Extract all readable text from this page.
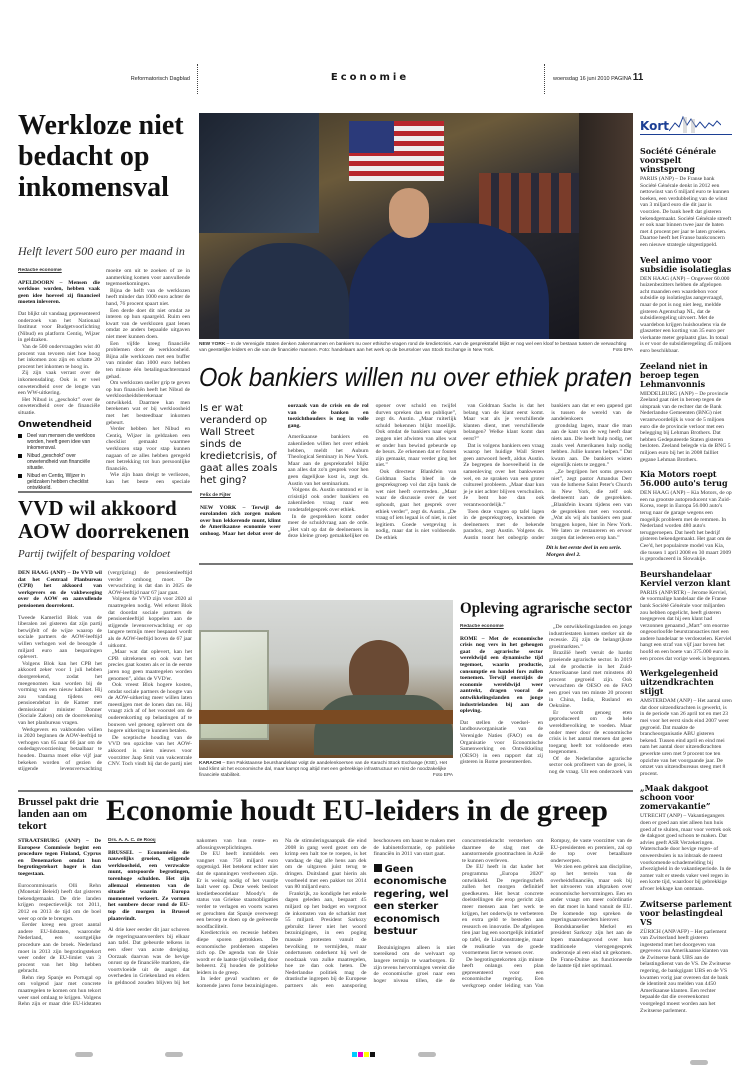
Reformatorisch Dagblad	Economie	woensdag 16 juni 2010 PAGINA 11
Werkloze niet bedacht op inkomensval
Helft levert 500 euro per maand in
Redactie economie
APELDOORN – Mensen die werkloos worden, hebben vaak geen idee hoeveel zij financieel moeten inleveren.

Dat blijkt uit vandaag gepresenteerd onderzoek van het Nationaal Instituut voor Budgetvoorlichting (Nibud) en platform Centiq, Wijzer in geldzaken.

Van de 500 ondervraagden wist 40 procent van tevoren niet hoe hoog het inkomen zou zijn en schatte 20 procent het inkomen te hoog in.

Zij zijn vaak verrast over de inkomensdaling. Ook is er veel onwetendheid over de lengte van een WW-uitkering.

Het Nibud is „geschokt” over de onwetendheid over de financiële situatie.

Onwetendheid
Deel van mensen die werkloos worden, heeft geen idee van inkomensval.
Nibud „geschokt” over onwetendheid van financiële situatie.
Nibud en Centiq, Wijzer in geldzaken hebben checklist ontwikkeld.

moeite om uit te zoeken of ze in aanmerking komen voor aanvullende tegemoetkomingen.

Bijna de helft van de werklozen heeft minder dan 1000 euro achter de hand, 76 procent spaart niet.

Een derde doet dit niet omdat ze interen op hun spaargeld. Ruim een kwart van de werklozen gaat lenen omdat ze anders bepaalde uitgaven niet meer kunnen doen.

Een vijfde kreeg financiële problemen door de werkloosheid. Bijna alle werklozen met een buffer van minder dan 1000 euro hebben ten minste één betalingsachterstand gehad.

Om werklozen sneller grip te geven op hun financiën heeft het Nibud de werkloosheidsberekenaar ontwikkeld. Daarmee kan men berekenen wat er bij werkloosheid met het besteedbaar inkomen gebeurt.

Verder hebben het Nibud en Centiq, Wijzer in geldzaken een checklist gemaakt waarmee werklozen stap voor stap kunnen nagaan of ze alles hebben geregeld met betrekking tot hun persoonlijke financiën.

Wie zijn baan dreigt te verliezen, kan het beste een speciale

NEW YORK – In de Verenigde Staten denken zakenmannen en bankiers nu over ethische vragen rond de kredietcrisis. Aan de gesprekstafel blijkt er nog wel een kloof te bestaan tussen de verwachting van geestelijke leiders en die van de financiële mannen. Foto: handelaars aan het werk op de beursvloer van Stock Exchange in New York.	Foto EPA
Ook bankiers willen nu over ethiek praten
Is er wat veranderd op Wall Street sinds de kredietcrisis, of gaat alles zoals het ging?
Felix de Fijter
NEW YORK – Terwijl de eurolanden zich zorgen maken over hun lekkerende munt, klimt de Amerikaanse economie weer omhoog. Maar het debat over de oorzaak van de crisis en de rol van de banken en toezichthouders is nog in volle gang.

Amerikaanse bankiers en zakenlieden willen het over ethiek hebben, meldt het Auburn Theological Seminary in New York. Maar aan de gesprekstafel blijkt aan alles dat zo'n gesprek voor hen geen dagelijkse kost is, zegt ds. Austin van het seminarium.

Volgens ds. Austin ontstond er in crisistijd ook onder bankiers en zakenlieden vraag naar een rondetafelgesprek over ethiek.

In de gesprekken komt onder meer de schuldvraag aan de orde. „Het valt op dat de deelnemers in deze kleine groep gemakkelijker en opener over schuld en twijfel durven spreken dan en publique”, zegt ds. Austin. „Maar ruiterlijk schuld bekennen blijkt moeilijk. Ook omdat de bankiers naar eigen zeggen niet afwisten van alles wat er onder hun bewind gebeurde op de beurs. Ze erkennen dat er fouten zijn gemaakt, maar verder ging het niet.”

Ook directeur Blankfein van Goldman Sachs bleef in de gespreksgroep vol dat zijn bank de wet niet heeft overtreden. „Maar waar de discussie over de wet ophoudt, gaat het gesprek over ethiek verder”, zegt ds. Austin. „De vraag of iets legaal is of niet, is niet legitiem. Goede wetgeving is nodig, maar dat is niet voldoende. De ethiek

van Goldman Sachs is dat het belang van de klant eerst komt. Maar wat als je verschillende klanten dient, met verschillende belangen? Welke klant komt dan eerst?”

Dat is volgens bankiers een vraag waarop het huidige Wall Street geen antwoord heeft, aldus Austin. Ze begrepen de hoeveelheid in de samenleving over het bankwezen wel, en ze spraken van een groter cultureel probleem. „Maar daar kun je je niet achter blijven verschuilen. Je bent hoe dan ook verantwoordelijk.”

Toen deze vragen op tafel lagen in de gespreksgroep, kwamen de deelnemers met de bekende paradox, zegt Austin. Volgens ds. Austin toont het onbegrip onder bankiers aan dat er een gapend gat is tussen de wereld van de aandelenkoers

grondslag lagen, maar die man aan de kant van de weg heeft daar niets aan. Die heeft hulp nodig, net zoals veel Amerikanen hulp nodig hebben. Jullie kunnen helpen.” Dat kwam aan. De bankiers wisten eigenlijk niets te zeggen.”

„Ze begrijpen het soms gewoon niet”, zegt pastor Amandus Derr van de lutherse Saint Peter's Church in New York, die zelf ook deelneemt aan de gesprekken. „Blankfein kwam tijdens een van de gesprekken met een voorstel. „Wat als wij als bankiers een paar bruggen kopen, hier in New York. We laten ze restaureren en ervoor zorgen dat iedereen erop kan.”

Dit is het eerste deel in een serie. Morgen deel 2.

VVD wil akkoord AOW doorrekenen
Partij twijfelt of besparing voldoet
DEN HAAG (ANP) – De VVD wil dat het Centraal Planbureau (CPB) het akkoord van werkgevers en de vakbeweging over de AOW en aanvullende pensioenen doorrekent.

Tweede Kamerlid Blok van de liberalen zei gisteren dat zijn partij betwijfelt of de wijze waarop de sociale partners de AOW-leeftijd willen verhogen wel de beoogde 4 miljard euro aan besparingen oplevert.

Volgens Blok kan het CPB het akkoord zeker voor 1 juli hebben doorgerekend, zodat het meegenomen kan worden bij de vorming van een nieuw kabinet. Hij zou vandaag tijdens een pensioendebat in de Kamer met demissionair minister Donner (Sociale Zaken) om de doorrekening van het planbureau vragen.

Werkgevers en vakbonden willen in 2020 beginnen de AOW-leeftijd te verhogen van 65 naar 66 jaar om de oudedagsvoorziening betaalbaar te houden. Daarna moet elke vijf jaar bekeken worden of gezien de stijgende levensverwachting (vergrijzing) de pensioenleeftijd verder omhoog moet. De verwachting is dat dan in 2025 de AOW-leeftijd naar 67 jaar gaat.

Volgens de VVD zijn voor 2020 al maatregelen nodig. Wel erkent Blok dat doordat sociale partners de pensioenleeftijd koppelen aan de stijgende levensverwachting er op langere termijn meer bespaard wordt als de AOW-leeftijd boven de 67 jaar uitkomt.

„Maar wat dat oplevert, kan het CPB uitrekenen en ook wat het precies gaat kosten als er in de eerste jaren nog geen maatregelen worden genomen”, aldus de VVD'er.

Ook vreest Blok hogere kosten, omdat sociale partners de hoogte van de AOW-uitkering meer willen laten meestijgen met de lonen dan nu. Hij vraagt zich af of het voorstel om de ouderenkorting op belastingen af te bouwen wel genoeg oplevert om de hogere uitkering te kunnen betalen.

De sceptische houding van de VVD ten opzichte van het AOW-akkoord is niets nieuws voor voorzitter Jaap Smit van vakcentrale CNV. Toch vindt hij dat de partij niet	KARACHI – Een Pakistaanse beurshandelaar volgt de aandelenkoersen van de Karachi Stock Exchange (KSE). Het land klimt uit het economische dal, maar kampt nog altijd met een gebrekkige infrastructuur en mist de noodzakelijke financiële stabiliteit.	Foto EPA
Opleving agrarische sector
Redactie economie
ROME – Met de economische crisis nog vers in het geheugen gaat de agrarische sector wereldwijd een dynamische tijd tegemoet, waarin productie, consumptie en handel fors zullen toenemen. Terwijl enerzijds de economie wereldwijd weer aantrekt, dragen vooral de ontwikkelingslanden en jonge industrielanden bij aan de opleving.

Dat stellen de voedsel- en landbouworganisatie van de Verenigde Naties (FAO) en de Organisatie voor Economische Samenwerking en Ontwikkeling (OESO) in een rapport dat zij gisteren in Rome presenteerden.

„De ontwikkelingslanden en jonge industriestaten komen sterker uit de recessie. Zij zijn de belangrijkste groeimarkten.”

Brazilië heeft veruit de hardst groeiende agrarische sector. In 2019 zal de productie in het Zuid-Amerikaanse land met minstens 40 procent gegroeid zijn. Ook verwachten de OESO en de FAO een groei van ten minste 20 procent in China, India, Rusland en Oekraïne.

Er wordt genoeg eten geproduceerd om de hele wereldbevolking te voeden. Maar onder meer door de economische crisis is het aantal mensen dat geen toegang heeft tot voldoende eten toegenomen.

Of de Nederlandse agrarische sector ook profiteert van de groei, is nog de vraag. Uit een onderzoek van

Brussel pakt drie landen aan om tekort
STRAATSBURG (ANP) – De Europese Commissie begint een procedure tegen Finland, Cyprus en Denemarken omdat hun begrotingstekort hoger is dan toegestaan.

Eurocommissaris Olli Rehn (Monetair Beleid) heeft dat gisteren bekendgemaakt. De drie landen krijgen respectievelijk tot 2011, 2012 en 2013 de tijd om de boel weer op orde te brengen.

Eerder kreeg een groot aantal andere EU-lidstaten, waaronder Nederland, een soortgelijke procedure aan de broek. Nederland moet in 2013 zijn begrotingstekort weer onder de EU-limiet van 3 procent van het bbp hebben gebracht.

Rehn riep Spanje en Portugal op om volgend jaar met concrete maatregelen te komen om hun tekort weer snel omlaag te krijgen. Volgens Rehn zijn er maar drie EU-lidstaten

Economie houdt EU-leiders in de greep
Drs. A. A. C. de Rooij
BRUSSEL – Economieën die nauwelijks groeien, stijgende werkloosheid, een verzwakte munt, ontspoorde begrotingen, torenhoge schulden. Het zijn allemaal elementen van de situatie waarin Europa momenteel verkeert. Ze vormen het sombere decor rond de EU-top die morgen in Brussel plaatsvindt.

Al drie keer eerder dit jaar schoven de regeringsaanvoerders bij elkaar aan tafel. Dat gebeurde telkens in een sfeer van acute dreiging. Oorzaak daarvan was de hevige onrust op de financiële markten, die voortvloeide uit de angst dat overheden in Griekenland en elders in geldnood zouden blijven bij het nakomen van hun rente- en aflossingsverplichtingen.

De EU heeft inmiddels een vangnet van 750 miljard euro opgetuigd. Het betekent echter niet dat de spanningen verdwenen zijn. Er is weinig nodig of het vuurtje laait weer op. Deze week besloot kredietbeoordelaar Moody's de status van Griekse staatsobligaties verder te verlagen en voorts waren er geruchten dat Spanje overweegt een beroep te doen op de geëreerde noodfaciliteit.

Kredietcrisis en recessie hebben diepe sporen getrokken. De economische problemen stapelen zich op. De agenda van de Unie wordt er de laatste tijd volledig door beheerst. Zij houden de politieke leiders in de greep.

In ieder geval wachten er de komende jaren forse bezuinigingen. Na de stimuleringsaanpak die eind 2008 in gang werd gezet om de krimp een halt toe te roepen, is het vandaag de dag alle hens aan dek om de uitgaven juist terug te dringen. Duitsland gaat hierin als voorbeeld met een pakket tot 2014 van 80 miljard euro.

Frankrijk, zo kondigde het enkele dagen geleden aan, bespaart 45 miljard op het budget en vergroot de inkomsten van de schatkist met 55 miljard. President Sarkozy gebruikt liever niet het woord bezuinigingen, in een poging massale protesten vanuit de bevolking te vermijden, maar ondertussen onderkent hij wel de noodzaak van zulke maatregelen, hoe ze dan ook heten. De Nederlandse politiek mag de drastische ingrepen bij de Europese partners als een aansporing beschouwen om haast te maken met de kabinetsformatie, op publieke financiën in 2011 van start gaat.

Geen economische regering, wel een sterker economisch bestuur

Bezuinigingen alleen is niet toereikend om de welvaart op langere termijn te waarborgen. Er zijn tevens hervormingen vereist die de economische groei naar een hoger niveau tillen, die de concurrentiekracht versterken om daarmee de slag met de aanstormende grootmachten in Azië te kunnen overleven.

De EU heeft in dat kader het programma „Europa 2020” ontwikkeld. De regeringschefs zullen het morgen definitief goedkeuren. Het bevat concrete doelstellingen die erop gericht zijn meer mensen aan het werk te krijgen, het onderwijs te verbeteren en extra geld te besteden aan research en innovatie. De afgelopen tien jaar lag een soortgelijk initiatief op tafel, de Lisabonstrategie, maar de realisatie van de goede voornemens liet te wensen over.

De begrotingstekorten zijn minste heeft onlangs een plan gepresenteerd voor een economische regering. Een werkgroep onder leiding van Van Rompuy, de vaste voorzitter van de EU-presidenten en premiers, zal op de top over betaalbare onderwerpen.

We zien een gebrek aan discipline, op het terrein van de overheidsfinanciën, maar ook bij het uitvoeren van afspraken over economische hervormingen. Een en ander vraagt om meer coördinatie en dat moet in hand vanuit de EU. De komende top spreken de regeringsaanvoerders hierover.

Bondskanselier Merkel en president Sarkozy zijn het aan de lopen maandagavond over hun traditionele vierogengesprek onderonsje al een eind uit gekomen. De Frans-Duitse as functioneerde de laatste tijd niet optimaal.

Kort
Société Générale voorspelt winstsprong

PARIJS (ANP) – De Franse bank Société Générale denkt in 2012 een nettowinst van 6 miljard euro te kunnen boeken, een verdubbeling van de winst van 3 miljard euro die dit jaar is voorzien. De bank heeft dat gisteren bekendgemaakt. Société Générale streeft er ook naar binnen twee jaar de baten met 4 procent per jaar te laten groeien. Daartoe heeft het Franse bankconcern een nieuwe strategie uitgestippeld.

Veel animo voor subsidie isolatieglas

DEN HAAG (ANP) – Ongeveer 60.000 huizenbezitters hebben de afgelopen acht maanden een waardebon voor subsidie op isolatieglas aangevraagd, maar de pot is nog niet leeg, meldde gisteren Agentschap NL, dat de subsidieregeling uitvoert. Met de waardebon krijgen huishoudens via de glaszetter een korting van 35 euro per vierkante meter geplaatst glas. In totaal is er voor de subsidieregeling 45 miljoen euro beschikbaar.

Zeeland niet in beroep tegen Lehmanvonnis

MIDDELBURG (ANP) – De provincie Zeeland gaat niet in beroep tegen de uitspraak van de rechter dat de Bank Nederlandse Gemeenten (BNG) niet verantwoordelijk is voor de 5 miljoen euro die de provincie verloor met een belegging bij Lehman Brothers. Dat hebben Gedeputeerde Staten gisteren besloten. Zeeland belegde via de BNG 5 miljoen euro bij het in 2008 failliet gegane Lehman Brothers.

Kia Motors roept 56.000 auto's terug

DEN HAAG (ANP) – Kia Motors, de op een na grootste autoproducent van Zuid-Korea, roept in Europa 56.000 auto's terug naar de garage wegens een mogelijk probleem met de remmen. In Nederland worden 480 auto's teruggeroepen. Dat heeft het bedrijf gisteren bekendgemaakt. Het gaat om de Cee'd, het populairste model van Kia, die tussen 1 april 2008 en 30 maart 2009 is geproduceerd in Slowakije.

Beurshandelaar Kerviel verzon klant

PARIJS (ANP/RTR) – Jerome Kerviel, de voormalige handelaar die de Franse bank Société Générale voor miljarden zou hebben opgelicht, heeft gisteren toegegeven dat hij een klant had verzonnen genaamd „Mart” om enorme ongeoorloofde beurstransacties met een andere handelaar te verdoezelen. Kerviel hangt een straf van vijf jaar boven het hoofd en een boete van 375.000 euro in een proces dat vorige week is begonnen.

Werkgelegenheid uitzendkrachten stijgt

AMSTERDAM (ANP) – Het aantal uren dat door uitzendkrachten is gewerkt, is in de periode van 26 april tot en met 23 mei voor het eerst sinds eind 2007 weer gegroeid. Dat maakte de brancheorganisatie ABU gisteren bekend. Tussen eind april en eind mei nam het aantal door uitzendkrachten gewerkte uren met 9 procent toe ten opzichte van het voorgaande jaar. De omzet van uitzendbureaus steeg met 8 procent.

„Maak dakgoot schoon voor zomervakantie”

UTRECHT (ANP) – Vakantiegangers doen er goed aan niet alleen hun huis goed af te sluiten, maar voor vertrek ook de dakgoot goed schoon te maken. Dat advies geeft ASR Verzekeringen. Waterschade door hevige regen- of onweersbuien is na inbraak de meest voorkomende schademelding bij afwezigheid in de vakantieperiode. In de zomer valt er steeds vaker veel regen in een korte tijd, waardoor bij gebrekkige afvoer lekkage kan ontstaan.

Zwitserse parlement voor belastingdeal VS

ZÜRICH (ANP/AFP) – Het parlement van Zwitserland heeft gisteren ingestemd met het doorgeven van gegevens van Amerikaanse klanten van de Zwitserse bank UBS aan de belastingdienst van de VS. De Zwitserse regering, de bankgigant UBS en de VS kwamen vorig jaar overeen dat de bank de identiteit zou melden van 4450 Amerikaanse klanten. Een rechter bepaalde dat die overeenkomst voorgelegd moest worden aan het Zwitserse parlement.
